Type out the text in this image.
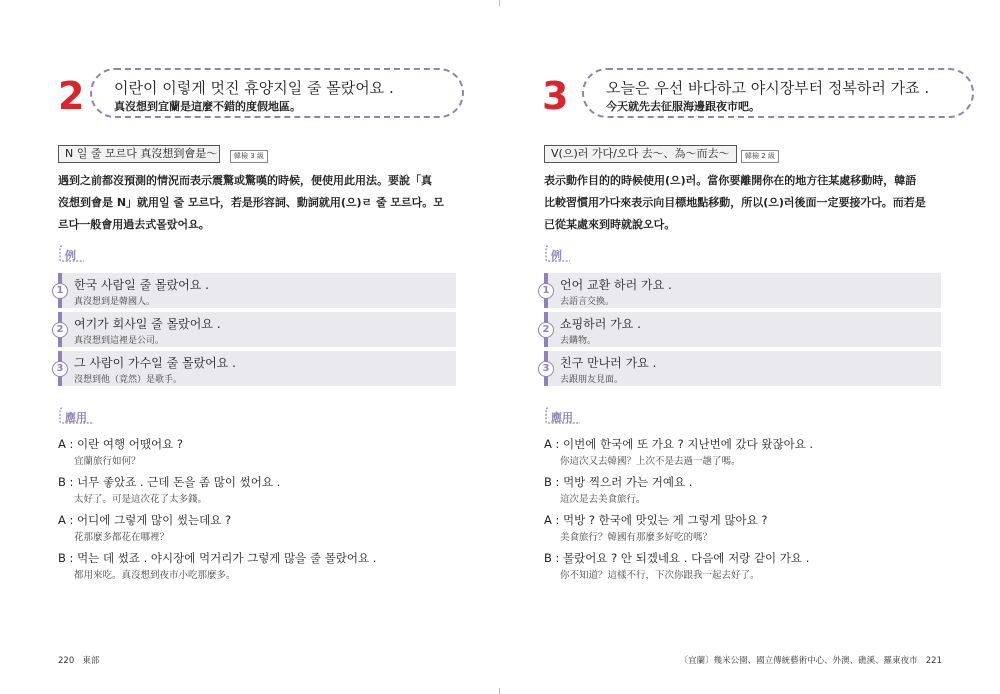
2 이란이 이렇게 멋진 휴양지일 줄 몰랐어요 .
真沒想到宜蘭是這麼不錯的度假地區。
N 일 줄 모르다 真沒想到會是～	韓檢 3 級
遇到之前都沒預測的情況而表示震驚或驚嘆的時候，便使用此用法。要說「真
沒想到會是 N」就用일 줄 모르다，若是形容詞、動詞就用(으)ㄹ 줄 모르다。모
르다一般會用過去式몰랐어요。
例
1 한국 사람일 줄 몰랐어요 .
真沒想到是韓國人。
2 여기가 회사일 줄 몰랐어요 .
真沒想到這裡是公司。
3 그 사람이 가수일 줄 몰랐어요 .
沒想到他（竟然）是歌手。
應用
A : 이란 여행 어땠어요 ?
宜蘭旅行如何？
B : 너무 좋았죠 . 근데 돈을 좀 많이 썼어요 .
太好了。可是這次花了太多錢。
A : 어디에 그렇게 많이 썼는데요 ?
花那麼多都花在哪裡？
B : 먹는 데 썼죠 . 야시장에 먹거리가 그렇게 많을 줄 몰랐어요 .
都用來吃。真沒想到夜市小吃那麼多。
220 東部
3	오늘은 우선 바다하고 야시장부터 정복하러 가죠 .
今天就先去征服海邊跟夜市吧。
V(으)러 가다/오다 去～、為～而去～	韓檢 2 級
表示動作目的的時候使用(으)러。當你要離開你在的地方往某處移動時，韓語
比較習慣用가다來表示向目標地點移動，所以(으)러後面一定要接가다。而若是
已從某處來到時就說오다。
例
1 언어 교환 하러 가요 .
去語言交換。
2 쇼핑하러 가요 .
去購物。
3 친구 만나러 가요 .
去跟朋友見面。
應用
A : 이번에 한국에 또 가요 ? 지난번에 갔다 왔잖아요 .
你這次又去韓國？上次不是去過一趟了嗎。
B : 먹방 찍으러 가는 거예요 .
這次是去美食旅行。
A : 먹방 ? 한국에 맛있는 게 그렇게 많아요 ?
美食旅行？韓國有那麼多好吃的嗎？
B : 몰랐어요 ? 안 되겠네요 . 다음에 저랑 같이 가요 .
你不知道？這樣不行，下次你跟我一起去好了。
〔宜蘭〕幾米公園、國立傳統藝術中心、外澳、礁溪、羅東夜市 221
